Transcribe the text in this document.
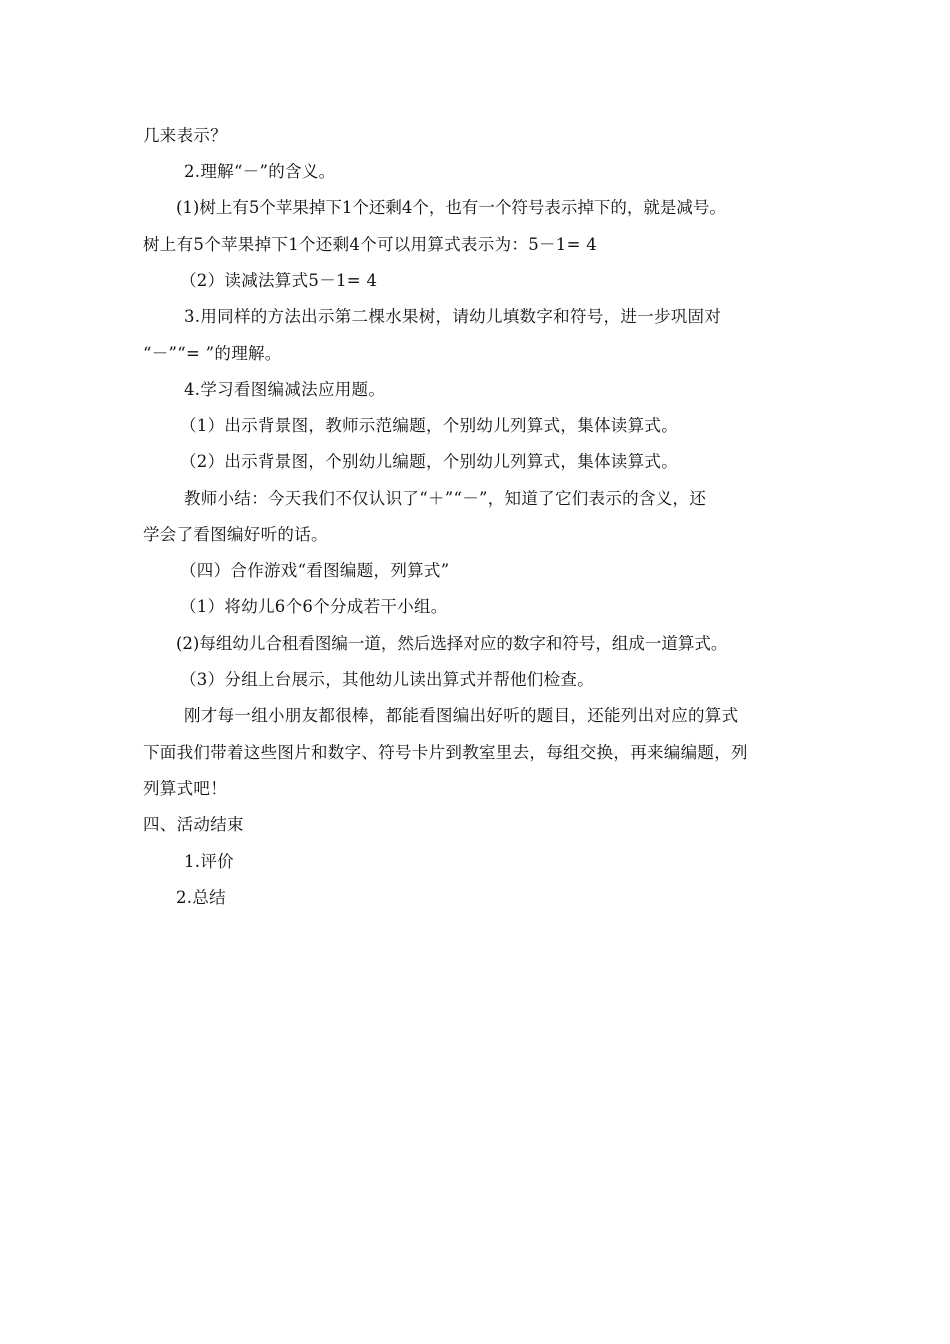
几来表示？
2.理解“－”的含义。
(1)树上有5个苹果掉下1个还剩4个，也有一个符号表示掉下的，就是减号。
树上有5个苹果掉下1个还剩4个可以用算式表示为：5－1= 4
（2）读减法算式5－1= 4
3.用同样的方法出示第二棵水果树，请幼儿填数字和符号，进一步巩固对
“－”“= ”的理解。
4.学习看图编减法应用题。
（1）出示背景图，教师示范编题，个别幼儿列算式，集体读算式。
（2）出示背景图，个别幼儿编题，个别幼儿列算式，集体读算式。
教师小结：今天我们不仅认识了“＋”“－”，知道了它们表示的含义，还
学会了看图编好听的话。
（四）合作游戏“看图编题，列算式”
（1）将幼儿6个6个分成若干小组。
(2)每组幼儿合租看图编一道，然后选择对应的数字和符号，组成一道算式。
（3）分组上台展示，其他幼儿读出算式并帮他们检查。
刚才每一组小朋友都很棒，都能看图编出好听的题目，还能列出对应的算式
下面我们带着这些图片和数字、符号卡片到教室里去，每组交换，再来编编题，列
列算式吧！
四、活动结束
1.评价
2.总结
